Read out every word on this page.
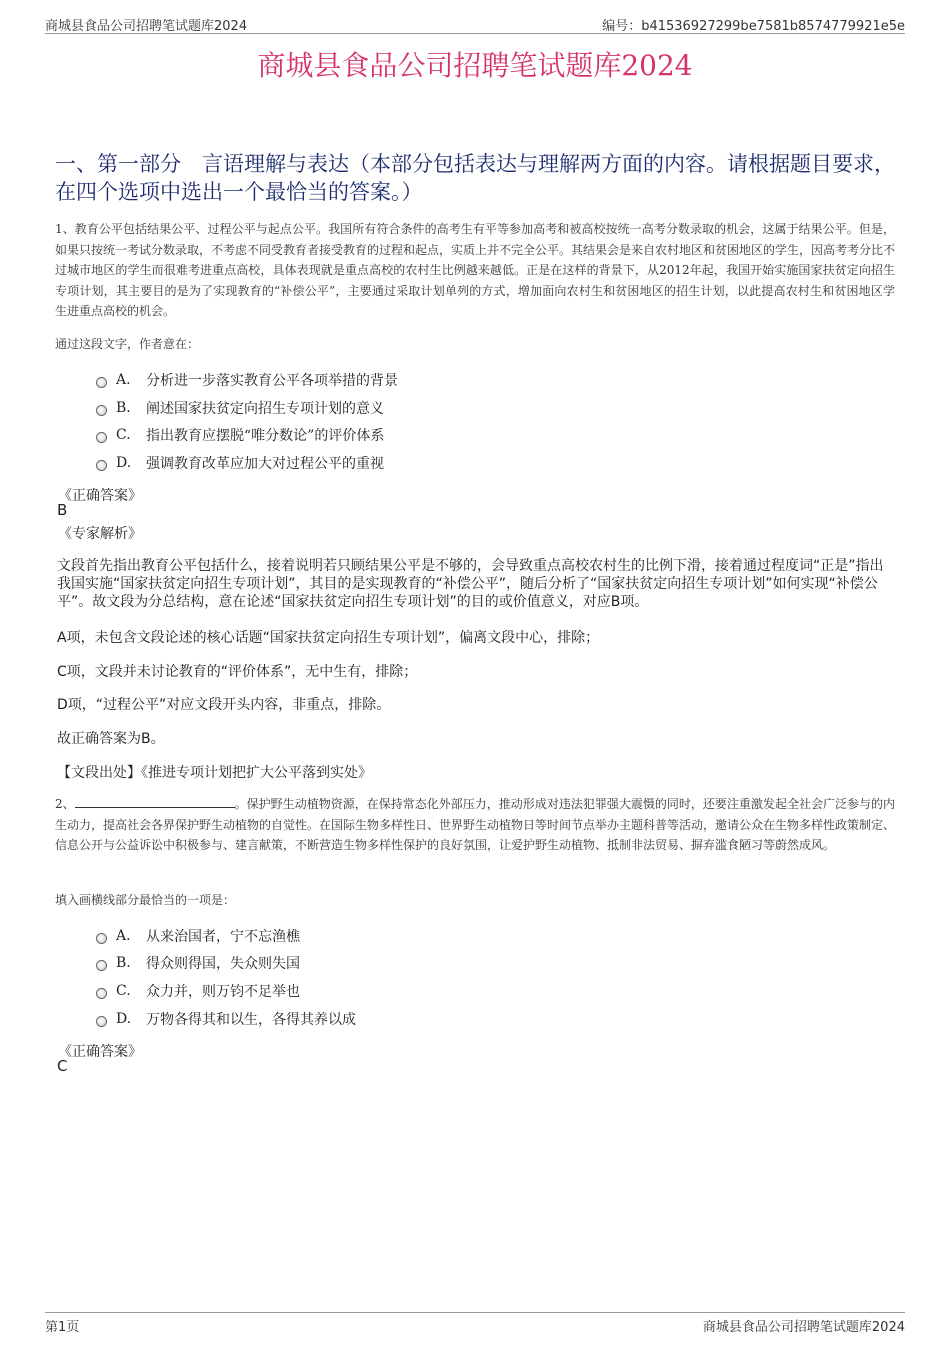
商城县食品公司招聘笔试题库2024	编号：b41536927299be7581b8574779921e5e
商城县食品公司招聘笔试题库2024
一、第一部分　言语理解与表达（本部分包括表达与理解两方面的内容。请根据题目要求，在四个选项中选出一个最恰当的答案。）
1、教育公平包括结果公平、过程公平与起点公平。我国所有符合条件的高考生有平等参加高考和被高校按统一高考分数录取的机会，这属于结果公平。但是，如果只按统一考试分数录取，不考虑不同受教育者接受教育的过程和起点，实质上并不完全公平。其结果会是来自农村地区和贫困地区的学生，因高考考分比不过城市地区的学生而很难考进重点高校，具体表现就是重点高校的农村生比例越来越低。正是在这样的背景下，从2012年起，我国开始实施国家扶贫定向招生专项计划，其主要目的是为了实现教育的“补偿公平”，主要通过采取计划单列的方式，增加面向农村生和贫困地区的招生计划，以此提高农村生和贫困地区学生进重点高校的机会。
通过这段文字，作者意在：
A.	分析进一步落实教育公平各项举措的背景
B.	阐述国家扶贫定向招生专项计划的意义
C.	指出教育应摆脱“唯分数论”的评价体系
D.	强调教育改革应加大对过程公平的重视
《正确答案》
B
《专家解析》
文段首先指出教育公平包括什么，接着说明若只顾结果公平是不够的，会导致重点高校农村生的比例下滑，接着通过程度词“正是”指出我国实施“国家扶贫定向招生专项计划”，其目的是实现教育的“补偿公平”，随后分析了“国家扶贫定向招生专项计划”如何实现“补偿公平”。故文段为分总结构，意在论述“国家扶贫定向招生专项计划”的目的或价值意义，对应B项。
A项，未包含文段论述的核心话题“国家扶贫定向招生专项计划”，偏离文段中心，排除；
C项，文段并未讨论教育的“评价体系”，无中生有，排除；
D项，“过程公平”对应文段开头内容，非重点，排除。
故正确答案为B。
【文段出处】《推进专项计划把扩大公平落到实处》
2、	。保护野生动植物资源，在保持常态化外部压力，推动形成对违法犯罪强大震慑的同时，还要注重激发起全社会广泛参与的内生动力，提高社会各界保护野生动植物的自觉性。在国际生物多样性日、世界野生动植物日等时间节点举办主题科普等活动，邀请公众在生物多样性政策制定、信息公开与公益诉讼中积极参与、建言献策，不断营造生物多样性保护的良好氛围，让爱护野生动植物、抵制非法贸易、摒弃滥食陋习等蔚然成风。
填入画横线部分最恰当的一项是：
A.	从来治国者，宁不忘渔樵
B.	得众则得国，失众则失国
C.	众力并，则万钧不足举也
D.	万物各得其和以生，各得其养以成
《正确答案》
C
第1页	商城县食品公司招聘笔试题库2024
